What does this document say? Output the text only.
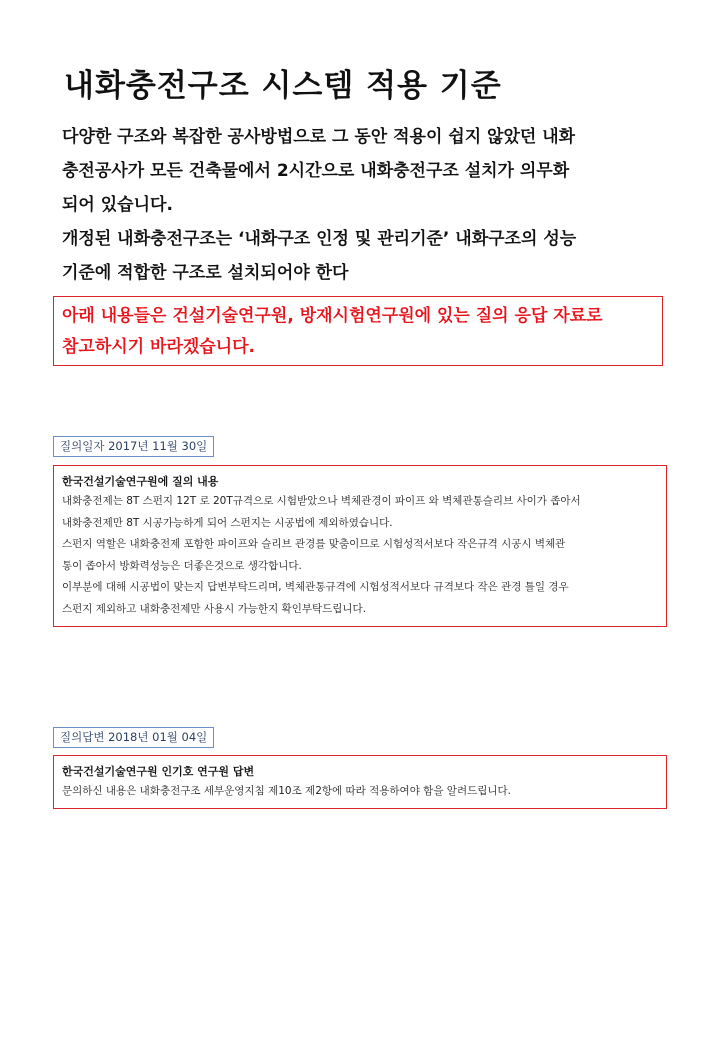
내화충전구조 시스템 적용 기준

다양한 구조와 복잡한 공사방법으로 그 동안 적용이 쉽지 않았던 내화

충전공사가 모든 건축물에서 2시간으로 내화충전구조 설치가 의무화

되어 있습니다.

개정된 내화충전구조는 ‘내화구조 인정 및 관리기준’ 내화구조의 성능

기준에 적합한 구조로 설치되어야 한다

아래 내용들은 건설기술연구원, 방재시험연구원에 있는 질의 응답 자료로

참고하시기 바라겠습니다.

질의일자 2017년 11월 30일
한국건설기술연구원에 질의 내용
내화충전제는 8T 스펀지 12T 로 20T규격으로 시험받았으나 벽체관경이 파이프 와 벽체관통슬리브 사이가 좁아서
내화충전제만 8T 시공가능하게 되어 스펀지는 시공법에 제외하였습니다.
스펀지 역할은 내화충전제 포함한 파이프와 슬리브 관경를 맞춤이므로 시험성적서보다 작은규격 시공시 벽체관
통이 좁아서 방화력성능은 더좋은것으로 생각합니다.
이부분에 대해 시공법이 맞는지 답변부탁드리며, 벽체관통규격에 시험성적서보다 규격보다 작은 관경 틀일 경우
스펀지 제외하고 내화충전제만 사용시 가능한지 확인부탁드립니다.
질의답변 2018년 01월 04일
한국건설기술연구원 인기호 연구원 답변
문의하신 내용은 내화충전구조 세부운영지침 제10조 제2항에 따라 적용하여야 함을 알려드립니다.
